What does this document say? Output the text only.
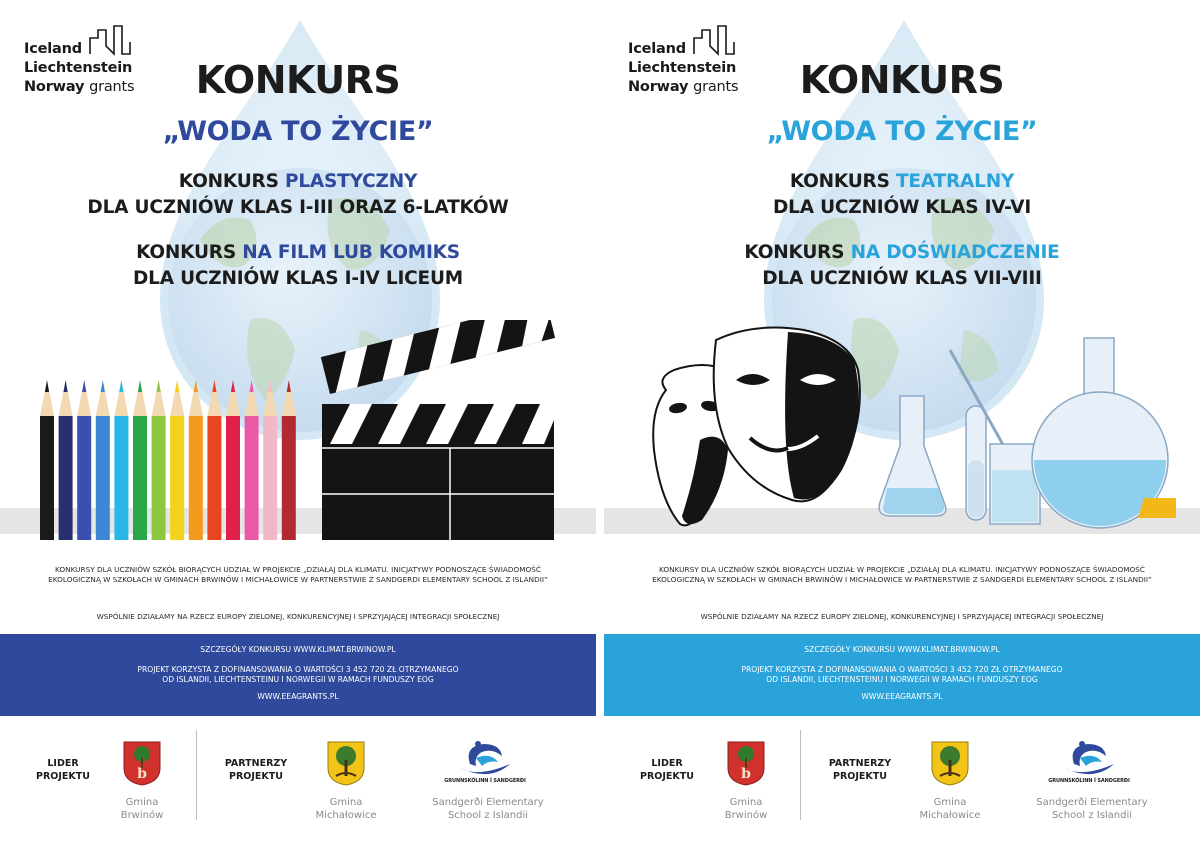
Iceland
Liechtenstein
Norway grants	KONKURS
„WODA TO ŻYCIE”
KONKURS PLASTYCZNY
DLA UCZNIÓW KLAS I-III ORAZ 6-LATKÓW
KONKURS NA FILM LUB KOMIKS
DLA UCZNIÓW KLAS I-IV LICEUM
KONKURSY DLA UCZNIÓW SZKÓŁ BIORĄCYCH UDZIAŁ W PROJEKCIE „DZIAŁAJ DLA KLIMATU. INICJATYWY PODNOSZĄCE ŚWIADOMOŚĆ EKOLOGICZNĄ W SZKOŁACH W GMINACH BRWINÓW I MICHAŁOWICE W PARTNERSTWIE Z SANDGERDI ELEMENTARY SCHOOL Z ISLANDII”
WSPÓLNIE DZIAŁAMY NA RZECZ EUROPY ZIELONEJ, KONKURENCYJNEJ I SPRZYJAJĄCEJ INTEGRACJI SPOŁECZNEJ
SZCZEGÓŁY KONKURSU WWW.KLIMAT.BRWINOW.PL
PROJEKT KORZYSTA Z DOFINANSOWANIA O WARTOŚCI 3 452 720 ZŁ OTRZYMANEGO
OD ISLANDII, LIECHTENSTEINU I NORWEGII W RAMACH FUNDUSZY EOG
WWW.EEAGRANTS.PL
LIDER
PROJEKTU	b
PARTNERZY
PROJEKTU	GRUNNSKÓLINN Í SANDGERÐI
Gmina
Brwinów
Gmina
Michałowice
Sandgerði Elementary
School z Islandii
Iceland
Liechtenstein
Norway grants	KONKURS
„WODA TO ŻYCIE”
KONKURS TEATRALNY
DLA UCZNIÓW KLAS IV-VI
KONKURS NA DOŚWIADCZENIE
DLA UCZNIÓW KLAS VII-VIII
KONKURSY DLA UCZNIÓW SZKÓŁ BIORĄCYCH UDZIAŁ W PROJEKCIE „DZIAŁAJ DLA KLIMATU. INICJATYWY PODNOSZĄCE ŚWIADOMOŚĆ EKOLOGICZNĄ W SZKOŁACH W GMINACH BRWINÓW I MICHAŁOWICE W PARTNERSTWIE Z SANDGERDI ELEMENTARY SCHOOL Z ISLANDII”
WSPÓLNIE DZIAŁAMY NA RZECZ EUROPY ZIELONEJ, KONKURENCYJNEJ I SPRZYJAJĄCEJ INTEGRACJI SPOŁECZNEJ
SZCZEGÓŁY KONKURSU WWW.KLIMAT.BRWINOW.PL
PROJEKT KORZYSTA Z DOFINANSOWANIA O WARTOŚCI 3 452 720 ZŁ OTRZYMANEGO
OD ISLANDII, LIECHTENSTEINU I NORWEGII W RAMACH FUNDUSZY EOG
WWW.EEAGRANTS.PL
LIDER
PROJEKTU	b
PARTNERZY
PROJEKTU	GRUNNSKÓLINN Í SANDGERÐI
Gmina
Brwinów
Gmina
Michałowice
Sandgerði Elementary
School z Islandii
